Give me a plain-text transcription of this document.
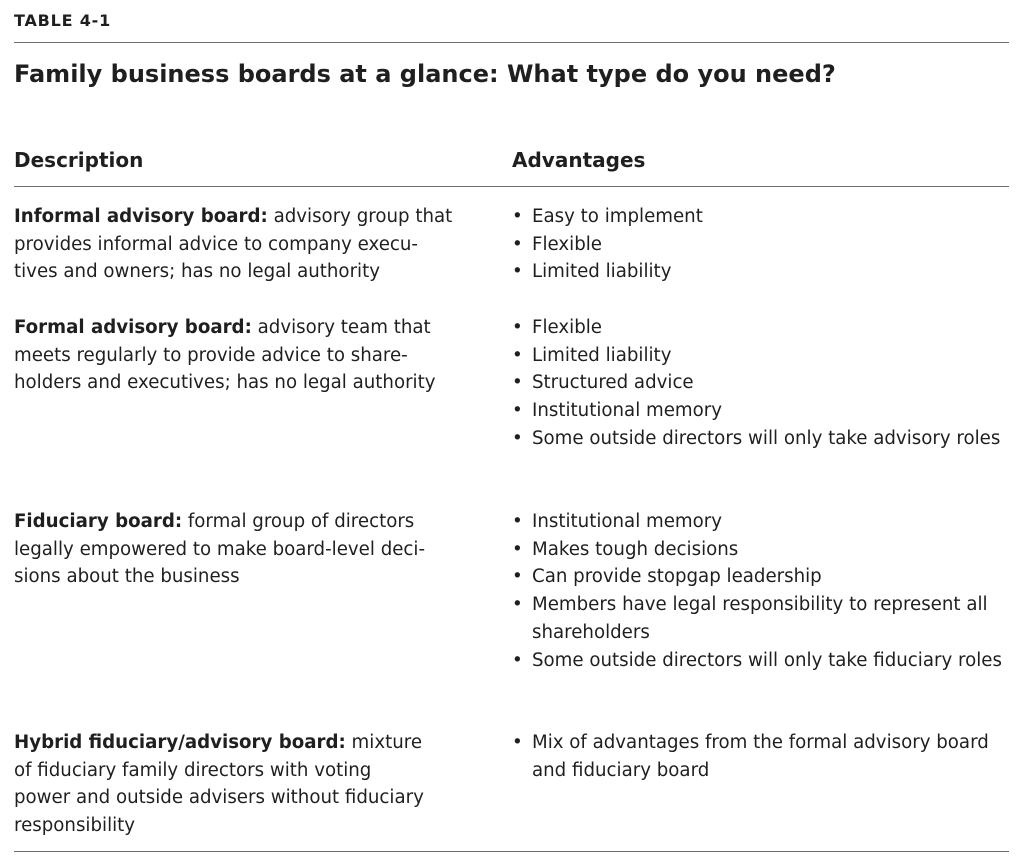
TABLE 4-1
Family business boards at a glance: What type do you need?
Description	Advantages
Informal advisory board: advisory group that
provides informal advice to company execu-
tives and owners; has no legal authority
• Easy to implement
• Flexible
• Limited liability
Formal advisory board: advisory team that
meets regularly to provide advice to share-
holders and executives; has no legal authority
• Flexible
• Limited liability
• Structured advice
• Institutional memory
• Some outside directors will only take advisory roles
Fiduciary board: formal group of directors
legally empowered to make board-level deci-
sions about the business
• Institutional memory
• Makes tough decisions
• Can provide stopgap leadership
• Members have legal responsibility to represent all shareholders
• Some outside directors will only take fiduciary roles
Hybrid fiduciary/advisory board: mixture
of fiduciary family directors with voting
power and outside advisers without fiduciary
responsibility
• Mix of advantages from the formal advisory board and fiduciary board
